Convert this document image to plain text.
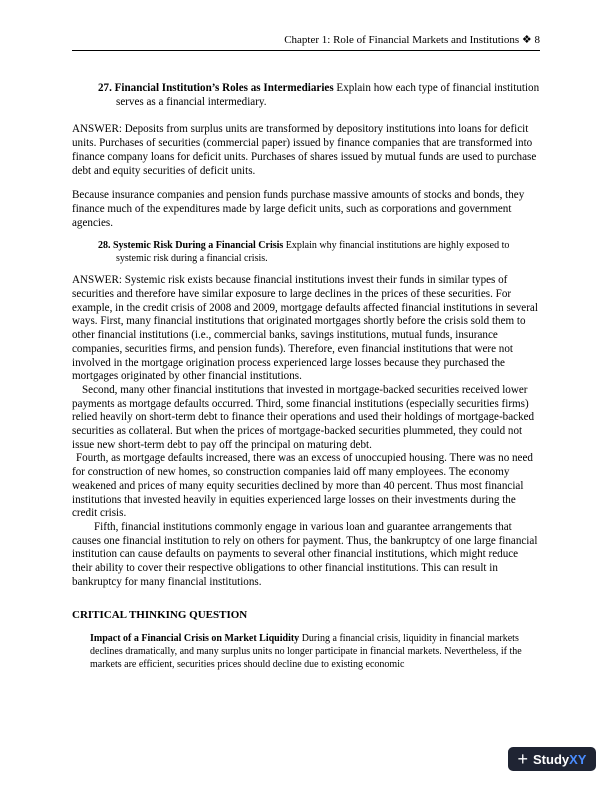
Chapter 1: Role of Financial Markets and Institutions ❖ 8

27. Financial Institution’s Roles as Intermediaries Explain how each type of financial institution serves as a financial intermediary.

ANSWER: Deposits from surplus units are transformed by depository institutions into loans for deficit units. Purchases of securities (commercial paper) issued by finance companies that are transformed into finance company loans for deficit units. Purchases of shares issued by mutual funds are used to purchase debt and equity securities of deficit units.

Because insurance companies and pension funds purchase massive amounts of stocks and bonds, they finance much of the expenditures made by large deficit units, such as corporations and government agencies.

28. Systemic Risk During a Financial Crisis Explain why financial institutions are highly exposed to systemic risk during a financial crisis.

ANSWER: Systemic risk exists because financial institutions invest their funds in similar types of securities and therefore have similar exposure to large declines in the prices of these securities. For example, in the credit crisis of 2008 and 2009, mortgage defaults affected financial institutions in several ways. First, many financial institutions that originated mortgages shortly before the crisis sold them to other financial institutions (i.e., commercial banks, savings institutions, mutual funds, insurance companies, securities firms, and pension funds). Therefore, even financial institutions that were not involved in the mortgage origination process experienced large losses because they purchased the mortgages originated by other financial institutions.

Second, many other financial institutions that invested in mortgage-backed securities received lower payments as mortgage defaults occurred. Third, some financial institutions (especially securities firms) relied heavily on short-term debt to finance their operations and used their holdings of mortgage-backed securities as collateral. But when the prices of mortgage-backed securities plummeted, they could not issue new short-term debt to pay off the principal on maturing debt.

Fourth, as mortgage defaults increased, there was an excess of unoccupied housing. There was no need for construction of new homes, so construction companies laid off many employees. The economy weakened and prices of many equity securities declined by more than 40 percent. Thus most financial institutions that invested heavily in equities experienced large losses on their investments during the credit crisis.

Fifth, financial institutions commonly engage in various loan and guarantee arrangements that causes one financial institution to rely on others for payment. Thus, the bankruptcy of one large financial institution can cause defaults on payments to several other financial institutions, which might reduce their ability to cover their respective obligations to other financial institutions. This can result in bankruptcy for many financial institutions.

CRITICAL THINKING QUESTION

Impact of a Financial Crisis on Market Liquidity During a financial crisis, liquidity in financial markets declines dramatically, and many surplus units no longer participate in financial markets. Nevertheless, if the markets are efficient, securities prices should decline due to existing economic

+ Study XY
